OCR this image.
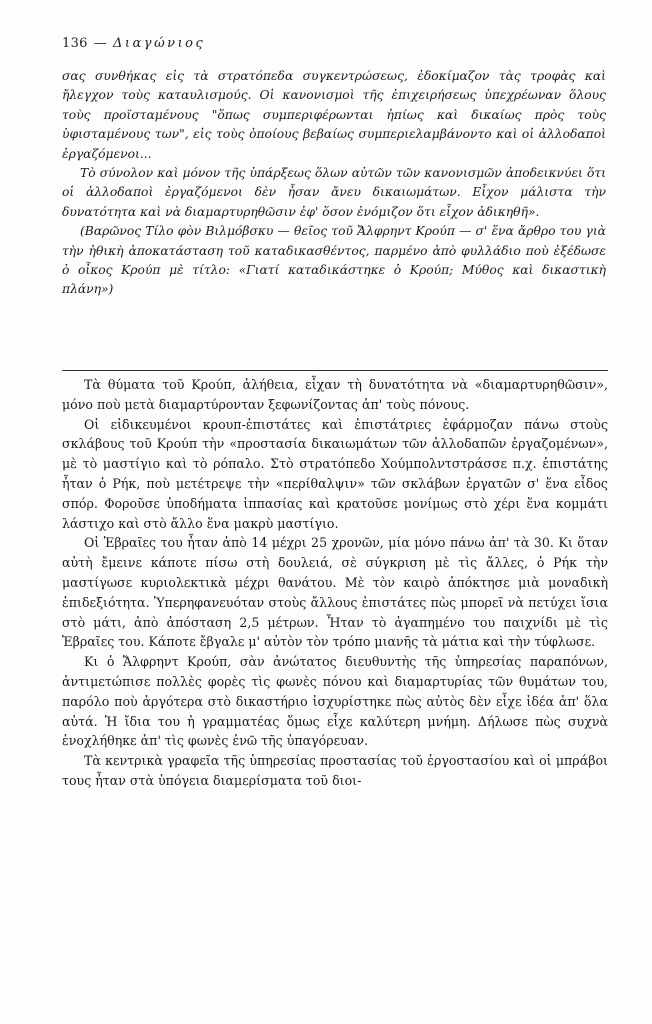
136 — Διαγώνιος

σας συνθήκας εἰς τὰ στρατόπεδα συγκεντρώσεως, ἐδοκίμαζον τὰς τροφὰς καὶ ἤλεγχον τοὺς καταυλισμούς. Οἱ κανονισμοὶ τῆς ἐπιχειρήσεως ὑπεχρέωναν ὅλους τοὺς προϊσταμένους "ὅπως συμπεριφέρωνται ἠπίως καὶ δικαίως πρὸς τοὺς ὑφισταμένους των", εἰς τοὺς ὁποίους βεβαίως συμπεριελαμβάνοντο καὶ οἱ ἀλλοδαποὶ ἐργαζόμενοι...

Τὸ σύνολον καὶ μόνον τῆς ὑπάρξεως ὅλων αὐτῶν τῶν κανονισμῶν ἀποδεικνύει ὅτι οἱ ἀλλοδαποὶ ἐργαζόμενοι δὲν ἦσαν ἄνευ δικαιωμάτων. Εἶχον μάλιστα τὴν δυνατότητα καὶ νὰ διαμαρτυρηθῶσιν ἐφ' ὅσον ἐνόμιζον ὅτι εἶχον ἀδικηθῆ».

(Βαρῶνος Τίλο φὸν Βιλμόβσκυ — θεῖος τοῦ Ἄλφρηντ Κρούπ — σ' ἕνα ἄρθρο του γιὰ τὴν ἠθικὴ ἀποκατάσταση τοῦ καταδικασθέντος, παρμένο ἀπὸ φυλλάδιο ποὺ ἐξέδωσε ὁ οἶκος Κρούπ μὲ τίτλο: «Γιατί καταδικάστηκε ὁ Κρούπ; Μύθος καὶ δικαστικὴ πλάνη»)

Τὰ θύματα τοῦ Κρούπ, ἀλήθεια, εἶχαν τὴ δυνατότητα νὰ «διαμαρτυρηθῶσιν», μόνο ποὺ μετὰ διαμαρτύρονταν ξεφωνίζοντας ἀπ' τοὺς πόνους.

Οἱ εἰδικευμένοι κρουπ-ἐπιστάτες καὶ ἐπιστάτριες ἐφάρμοζαν πάνω στοὺς σκλάβους τοῦ Κρούπ τὴν «προστασία δικαιωμάτων τῶν ἀλλοδαπῶν ἐργαζομένων», μὲ τὸ μαστίγιο καὶ τὸ ρόπαλο. Στὸ στρατόπεδο Χούμπολντστράσσε π.χ. ἐπιστάτης ἦταν ὁ Ρήκ, ποὺ μετέτρεψε τὴν «περίθαλψιν» τῶν σκλάβων ἐργατῶν σ' ἕνα εἶδος σπόρ. Φοροῦσε ὑποδήματα ἱππασίας καὶ κρατοῦσε μονίμως στὸ χέρι ἕνα κομμάτι λάστιχο καὶ στὸ ἄλλο ἕνα μακρὺ μαστίγιο.

Οἱ Ἑβραῖες του ἦταν ἀπὸ 14 μέχρι 25 χρονῶν, μία μόνο πάνω ἀπ' τὰ 30. Κι ὅταν αὐτὴ ἔμεινε κάποτε πίσω στὴ δουλειά, σὲ σύγκριση μὲ τὶς ἄλλες, ὁ Ρήκ τὴν μαστίγωσε κυριολεκτικὰ μέχρι θανάτου. Μὲ τὸν καιρὸ ἀπόκτησε μιὰ μοναδικὴ ἐπιδεξιότητα. Ὑπερηφανευόταν στοὺς ἄλλους ἐπιστάτες πὼς μπορεῖ νὰ πετύχει ἴσια στὸ μάτι, ἀπὸ ἀπόσταση 2,5 μέτρων. Ἦταν τὸ ἀγαπημένο του παιχνίδι μὲ τὶς Ἑβραῖες του. Κάποτε ἔβγαλε μ' αὐτὸν τὸν τρόπο μιανῆς τὰ μάτια καὶ τὴν τύφλωσε.

Κι ὁ Ἄλφρηντ Κρούπ, σὰν ἀνώτατος διευθυντὴς τῆς ὑπηρεσίας παραπόνων, ἀντιμετώπισε πολλὲς φορὲς τὶς φωνὲς πόνου καὶ διαμαρτυρίας τῶν θυμάτων του, παρόλο ποὺ ἀργότερα στὸ δικαστήριο ἰσχυρίστηκε πὼς αὐτὸς δὲν εἶχε ἰδέα ἀπ' ὅλα αὐτά. Ἡ ἴδια του ἡ γραμματέας ὅμως εἶχε καλύτερη μνήμη. Δήλωσε πὼς συχνὰ ἐνοχλήθηκε ἀπ' τὶς φωνὲς ἐνῶ τῆς ὑπαγόρευαν.

Τὰ κεντρικὰ γραφεῖα τῆς ὑπηρεσίας προστασίας τοῦ ἐργοστασίου καὶ οἱ μπράβοι τους ἦταν στὰ ὑπόγεια διαμερίσματα τοῦ διοι-
